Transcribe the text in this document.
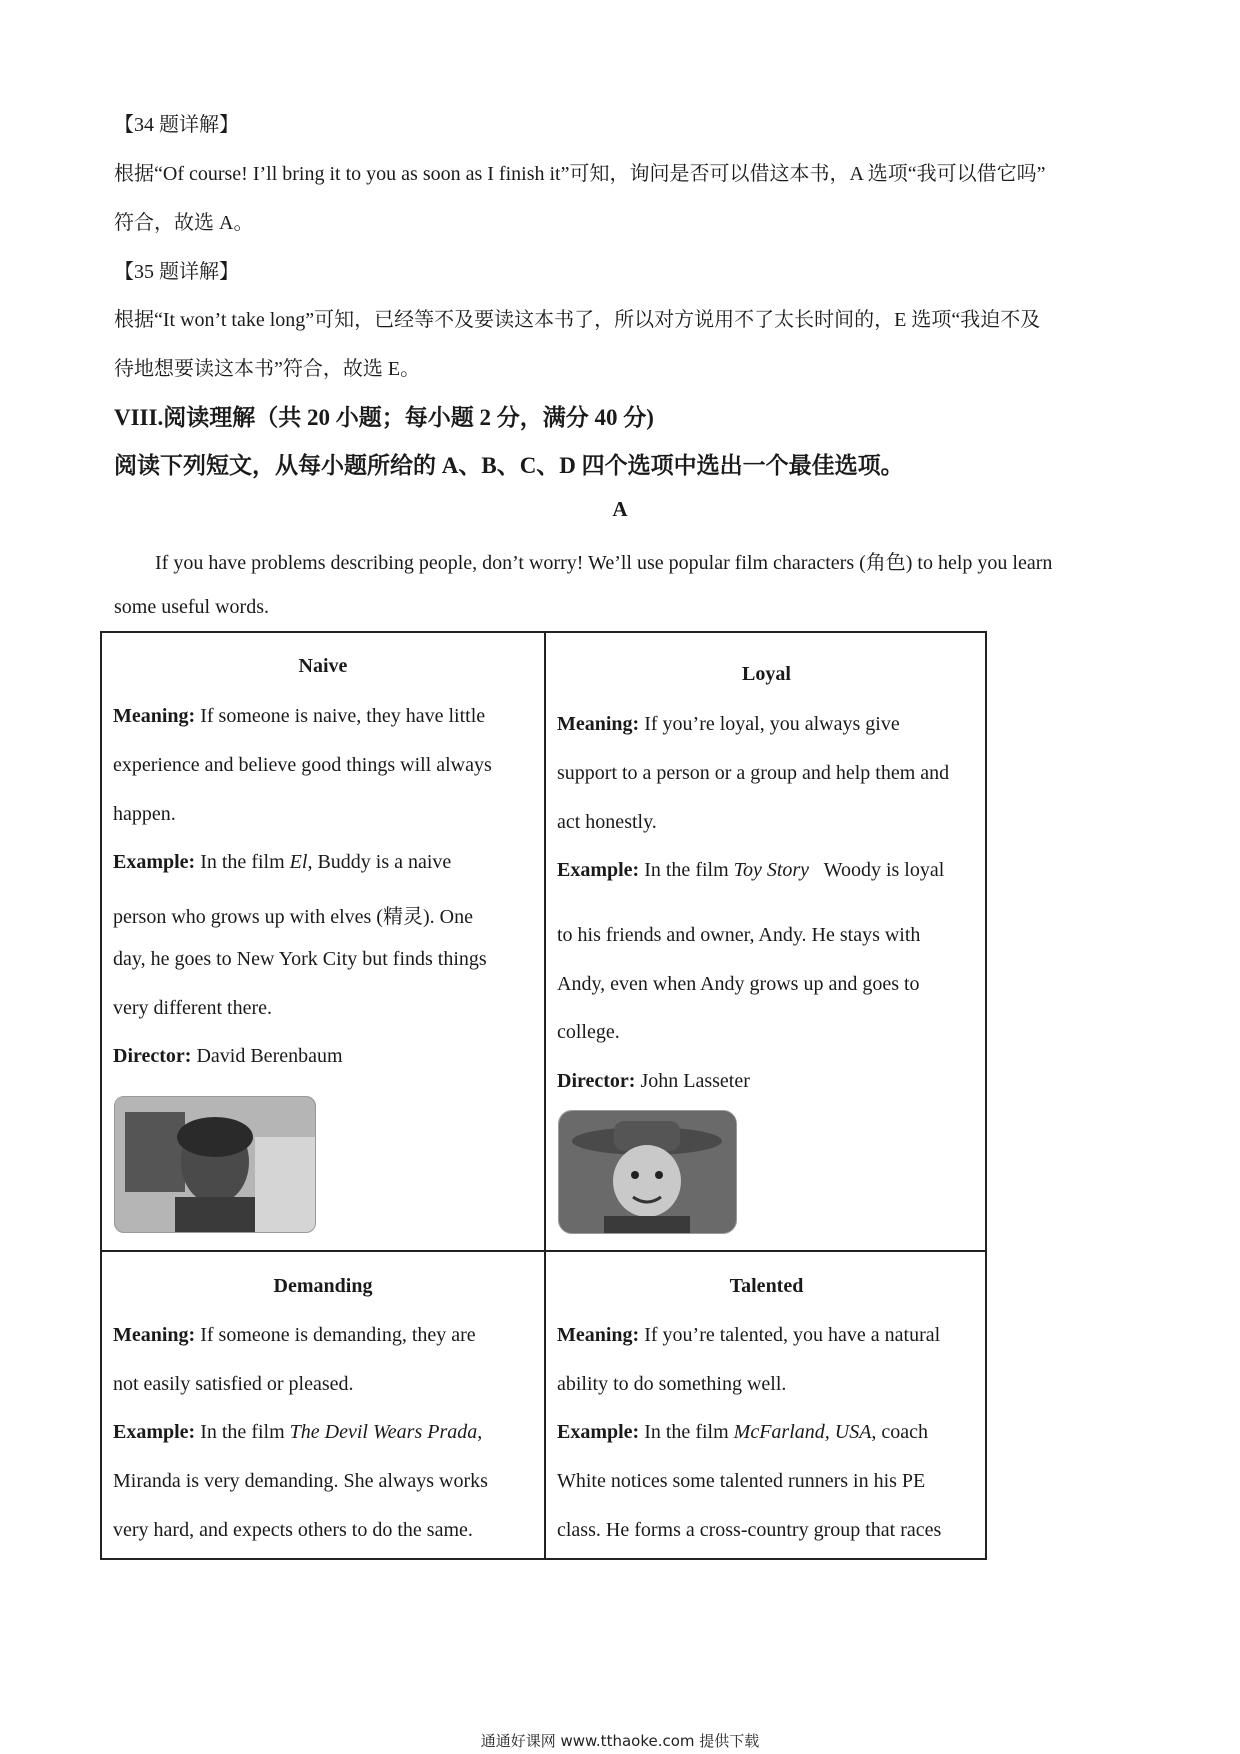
【34 题详解】
根据“Of course! I’ll bring it to you as soon as I finish it”可知，询问是否可以借这本书，A 选项“我可以借它吗”
符合，故选 A。
【35 题详解】
根据“It won’t take long”可知，已经等不及要读这本书了，所以对方说用不了太长时间的，E 选项“我迫不及
待地想要读这本书”符合，故选 E。
VIII.阅读理解（共 20 小题；每小题 2 分，满分 40 分)
阅读下列短文，从每小题所给的 A、B、C、D 四个选项中选出一个最佳选项。
A
If you have problems describing people, don’t worry! We’ll use popular film characters (角色) to help you learn
some useful words.
Naive
Meaning: If someone is naive, they have little
experience and believe good things will always
happen.
Example: In the film El, Buddy is a naive
person who grows up with elves (精灵). One
day, he goes to New York City but finds things
very different there.
Director: David Berenbaum
Loyal
Meaning: If you’re loyal, you always give
support to a person or a group and help them and
act honestly.
Example: In the film Toy Story   Woody is loyal
to his friends and owner, Andy. He stays with
Andy, even when Andy grows up and goes to
college.
Director: John Lasseter
Demanding
Meaning: If someone is demanding, they are
not easily satisfied or pleased.
Example: In the film The Devil Wears Prada,
Miranda is very demanding. She always works
very hard, and expects others to do the same.
Talented
Meaning: If you’re talented, you have a natural
ability to do something well.
Example: In the film McFarland, USA, coach
White notices some talented runners in his PE
class. He forms a cross-country group that races
通通好课网 www.tthaoke.com 提供下载
